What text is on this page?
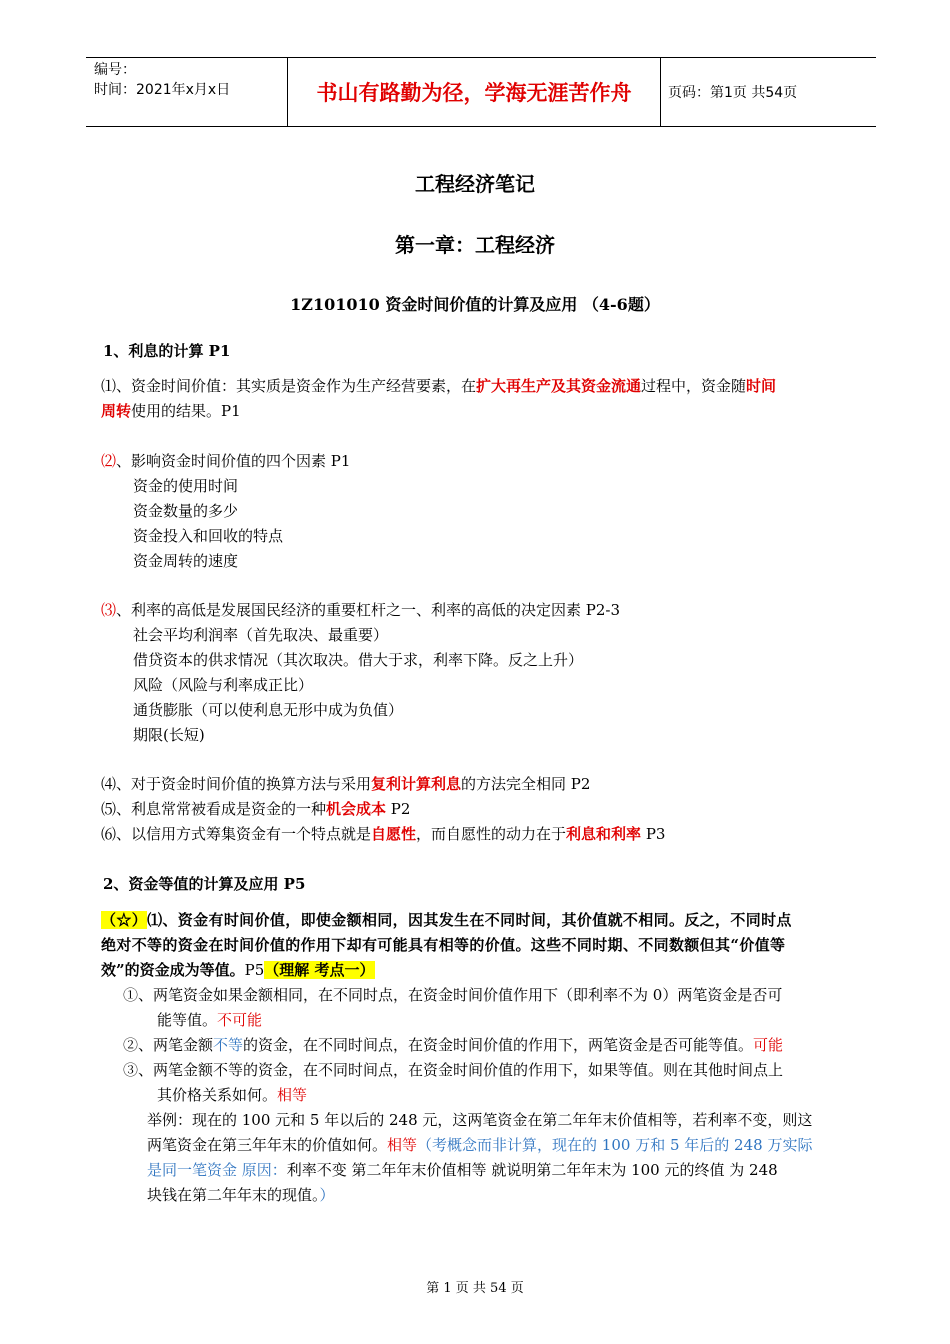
编号：
时间：2021年x月x日	书山有路勤为径，学海无涯苦作舟	页码：第1页 共54页
工程经济笔记
第一章：工程经济
1Z101010 资金时间价值的计算及应用 （4-6题）
1、利息的计算 P1
⑴、资金时间价值：其实质是资金作为生产经营要素，在扩大再生产及其资金流通过程中，资金随时间
周转使用的结果。P1
⑵、影响资金时间价值的四个因素 P1
资金的使用时间
资金数量的多少
资金投入和回收的特点
资金周转的速度
⑶、利率的高低是发展国民经济的重要杠杆之一、利率的高低的决定因素 P2-3
社会平均利润率（首先取决、最重要）
借贷资本的供求情况（其次取决。借大于求，利率下降。反之上升）
风险（风险与利率成正比）
通货膨胀（可以使利息无形中成为负值）
期限(长短)
⑷、对于资金时间价值的换算方法与采用复利计算利息的方法完全相同 P2
⑸、利息常常被看成是资金的一种机会成本 P2
⑹、以信用方式筹集资金有一个特点就是自愿性，而自愿性的动力在于利息和利率 P3
2、资金等值的计算及应用 P5
（☆）⑴、资金有时间价值，即使金额相同，因其发生在不同时间，其价值就不相同。反之，不同时点
绝对不等的资金在时间价值的作用下却有可能具有相等的价值。这些不同时期、不同数额但其“价值等
效”的资金成为等值。P5（理解 考点一）
①、两笔资金如果金额相同，在不同时点，在资金时间价值作用下（即利率不为 0）两笔资金是否可
能等值。不可能
②、两笔金额不等的资金，在不同时间点，在资金时间价值的作用下，两笔资金是否可能等值。可能
③、两笔金额不等的资金，在不同时间点，在资金时间价值的作用下，如果等值。则在其他时间点上
其价格关系如何。相等
举例：现在的 100 元和 5 年以后的 248 元，这两笔资金在第二年年末价值相等，若利率不变，则这
两笔资金在第三年年末的价值如何。相等（考概念而非计算，现在的 100 万和 5 年后的 248 万实际
是同一笔资金 原因：利率不变 第二年年末价值相等 就说明第二年年末为 100 元的终值 为 248
块钱在第二年年末的现值。）
第 1 页 共 54 页
